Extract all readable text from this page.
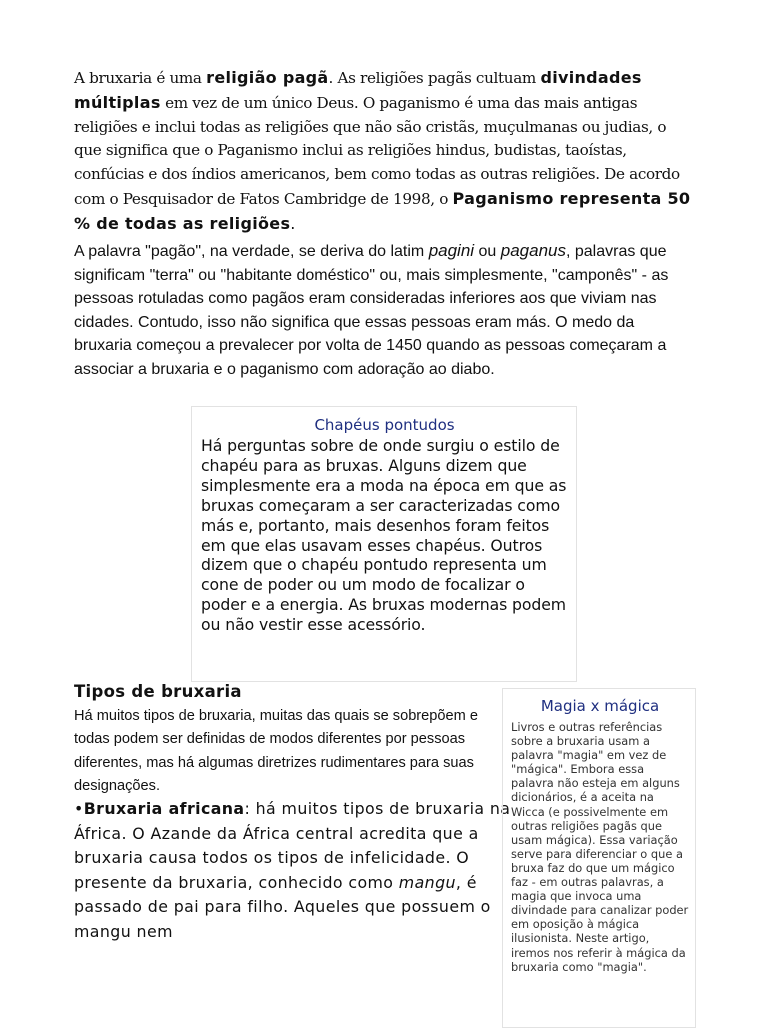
A bruxaria é uma religião pagã. As religiões pagãs cultuam divindades múltiplas em vez de um único Deus. O paganismo é uma das mais antigas religiões e inclui todas as religiões que não são cristãs, muçulmanas ou judias, o que significa que o Paganismo inclui as religiões hindus, budistas, taoístas, confúcias e dos índios americanos, bem como todas as outras religiões. De acordo com o Pesquisador de Fatos Cambridge de 1998, o Paganismo representa 50 % de todas as religiões.

A palavra "pagão", na verdade, se deriva do latim pagini ou paganus, palavras que significam "terra" ou "habitante doméstico" ou, mais simplesmente, "camponês" - as pessoas rotuladas como pagãos eram consideradas inferiores aos que viviam nas cidades. Contudo, isso não significa que essas pessoas eram más. O medo da bruxaria começou a prevalecer por volta de 1450 quando as pessoas começaram a associar a bruxaria e o paganismo com adoração ao diabo.

Chapéus pontudos

Há perguntas sobre de onde surgiu o estilo de chapéu para as bruxas. Alguns dizem que simplesmente era a moda na época em que as bruxas começaram a ser caracterizadas como más e, portanto, mais desenhos foram feitos em que elas usavam esses chapéus. Outros dizem que o chapéu pontudo representa um cone de poder ou um modo de focalizar o poder e a energia. As bruxas modernas podem ou não vestir esse acessório.

Tipos de bruxaria

Há muitos tipos de bruxaria, muitas das quais se sobrepõem e todas podem ser definidas de modos diferentes por pessoas diferentes, mas há algumas diretrizes rudimentares para suas designações.

•Bruxaria africana: há muitos tipos de bruxaria na África. O Azande da África central acredita que a bruxaria causa todos os tipos de infelicidade. O presente da bruxaria, conhecido como mangu, é passado de pai para filho. Aqueles que possuem o mangu nem

Magia x mágica

Livros e outras referências sobre a bruxaria usam a palavra "magia" em vez de "mágica". Embora essa palavra não esteja em alguns dicionários, é a aceita na Wicca (e possivelmente em outras religiões pagãs que usam mágica). Essa variação serve para diferenciar o que a bruxa faz do que um mágico faz - em outras palavras, a magia que invoca uma divindade para canalizar poder em oposição à mágica ilusionista. Neste artigo, iremos nos referir à mágica da bruxaria como "magia".
